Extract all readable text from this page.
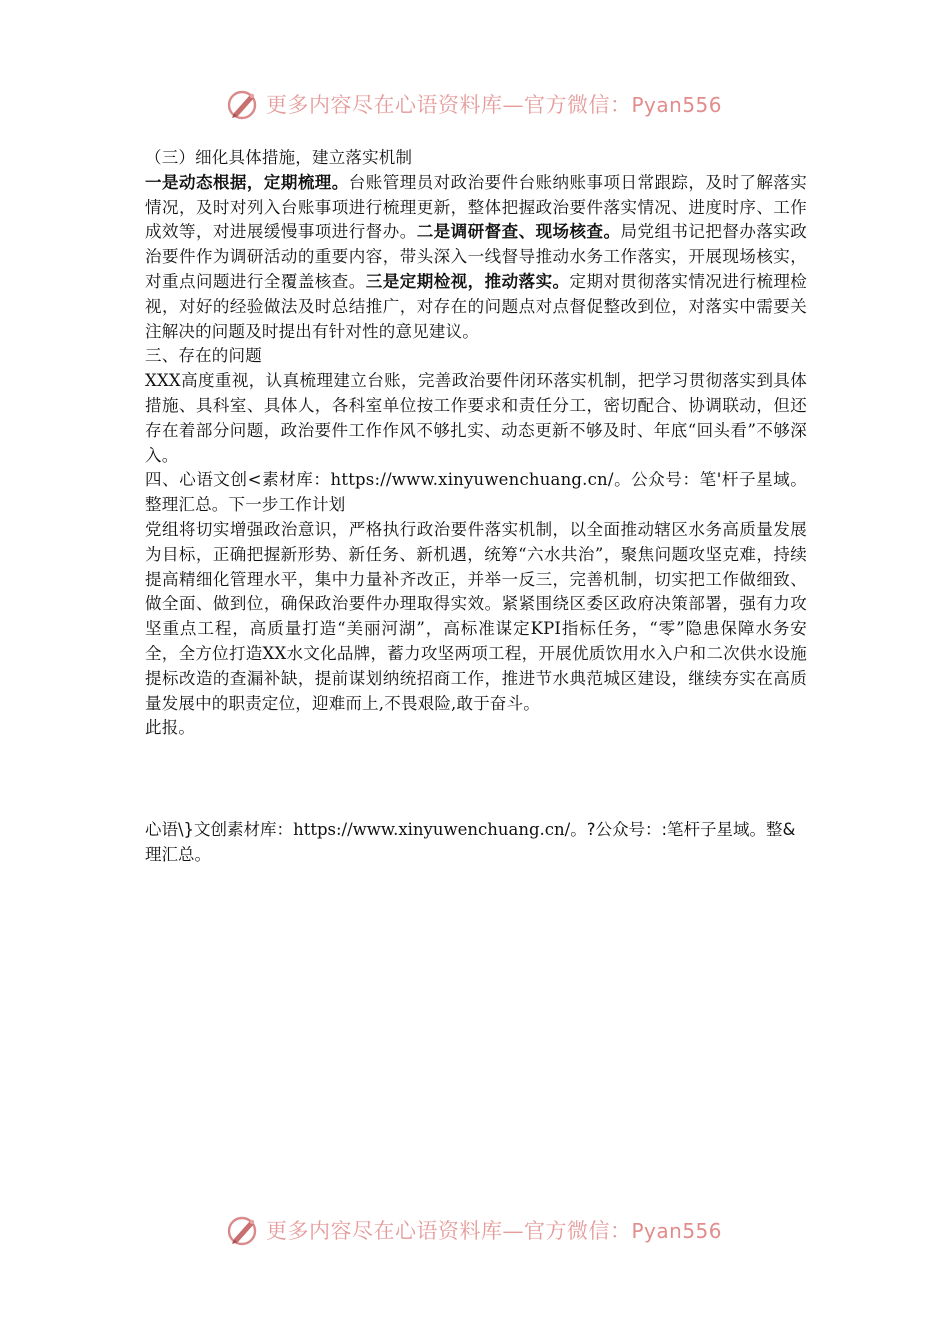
更多内容尽在心语资料库—官方微信：Pyan556

（三）细化具体措施，建立落实机制

一是动态根据，定期梳理。台账管理员对政治要件台账纳账事项日常跟踪，及时了解落实情况，及时对列入台账事项进行梳理更新，整体把握政治要件落实情况、进度时序、工作成效等，对进展缓慢事项进行督办。二是调研督查、现场核查。局党组书记把督办落实政治要件作为调研活动的重要内容，带头深入一线督导推动水务工作落实，开展现场核实，对重点问题进行全覆盖核查。三是定期检视，推动落实。定期对贯彻落实情况进行梳理检视，对好的经验做法及时总结推广，对存在的问题点对点督促整改到位，对落实中需要关注解决的问题及时提出有针对性的意见建议。

三、存在的问题

XXX高度重视，认真梳理建立台账，完善政治要件闭环落实机制，把学习贯彻落实到具体措施、具科室、具体人，各科室单位按工作要求和责任分工，密切配合、协调联动，但还存在着部分问题，政治要件工作作风不够扎实、动态更新不够及时、年底“回头看”不够深入。

四、心语文创<素材库：https://www.xinyuwenchuang.cn/。公众号：笔'杆子星域。整理汇总。下一步工作计划

党组将切实增强政治意识，严格执行政治要件落实机制，以全面推动辖区水务高质量发展为目标，正确把握新形势、新任务、新机遇，统筹“六水共治”，聚焦问题攻坚克难，持续提高精细化管理水平，集中力量补齐改正，并举一反三，完善机制，切实把工作做细致、做全面、做到位，确保政治要件办理取得实效。紧紧围绕区委区政府决策部署，强有力攻坚重点工程，高质量打造“美丽河湖”，高标准谋定KPI指标任务，“零”隐患保障水务安全，全方位打造XX水文化品牌，蓄力攻坚两项工程，开展优质饮用水入户和二次供水设施提标改造的查漏补缺，提前谋划纳统招商工作，推进节水典范城区建设，继续夯实在高质量发展中的职责定位，迎难而上,不畏艰险,敢于奋斗。

此报。

心语\}文创素材库：https://www.xinyuwenchuang.cn/。?公众号：:笔杆子星域。整&理汇总。
更多内容尽在心语资料库—官方微信：Pyan556
